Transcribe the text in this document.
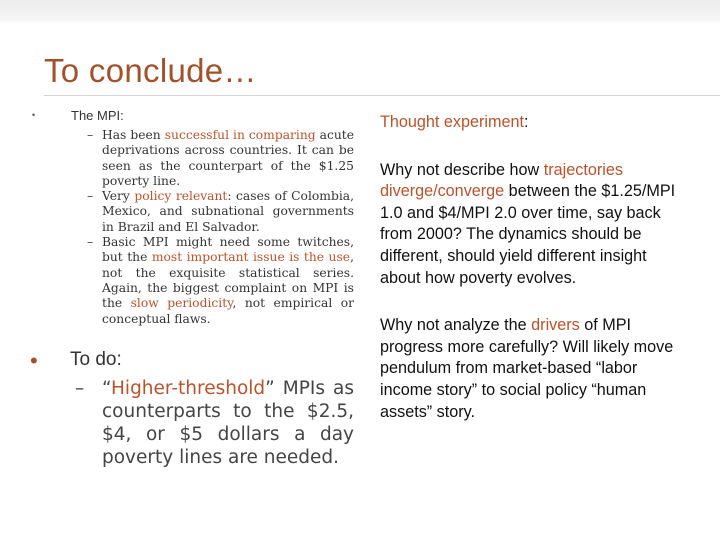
To conclude…
•	The MPI:
– Has been successful in comparing acute deprivations across countries. It can be seen as the counterpart of the $1.25 poverty line.
– Very policy relevant: cases of Colombia, Mexico, and subnational governments in Brazil and El Salvador.
– Basic MPI might need some twitches, but the most important issue is the use, not the exquisite statistical series. Again, the biggest complaint on MPI is the slow periodicity, not empirical or conceptual flaws.
• To do:
– “Higher-threshold” MPIs as counterparts to the $2.5, $4, or $5 dollars a day poverty lines are needed.

Thought experiment:

Why not describe how trajectories diverge/converge between the $1.25/MPI 1.0 and $4/MPI 2.0 over time, say back from 2000? The dynamics should be different, should yield different insight about how poverty evolves.

Why not analyze the drivers of MPI progress more carefully? Will likely move pendulum from market-based “labor income story” to social policy “human assets” story.
